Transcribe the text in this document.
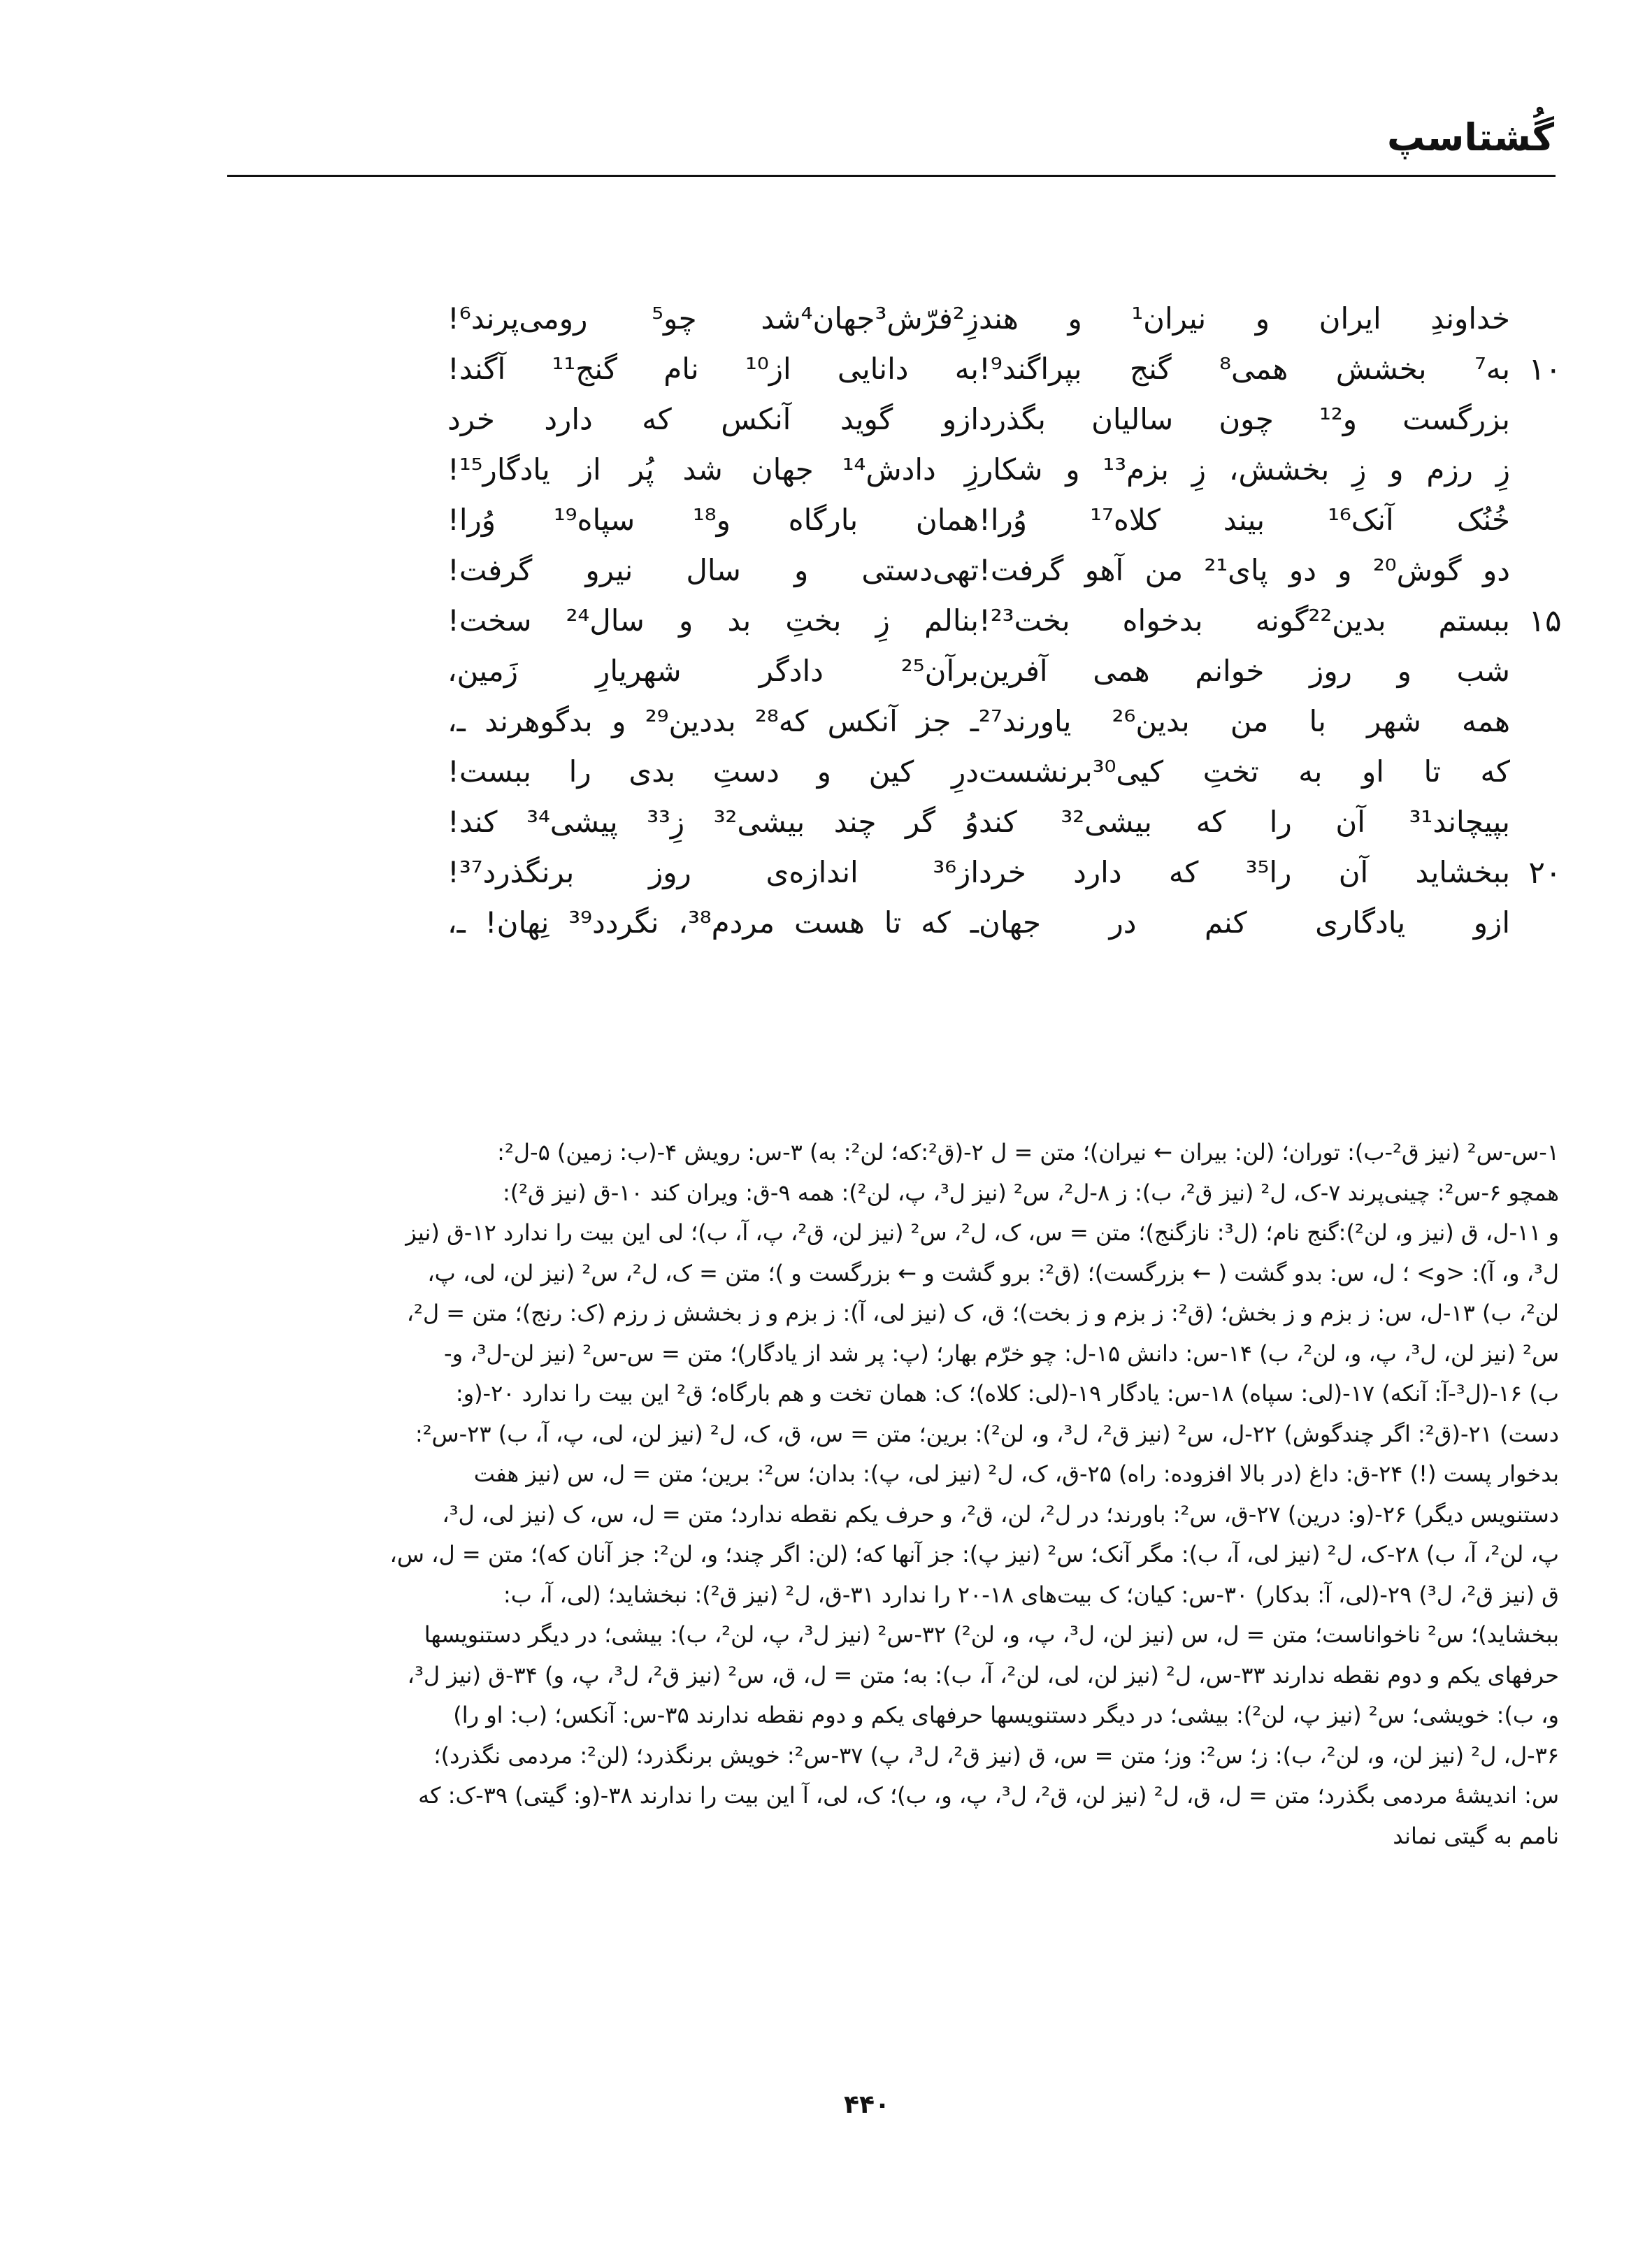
گُشتاسپ
خداوندِ ایران و نیران¹ و هند
زِ²فرّش³جهان⁴شد چو⁵ رومی‌پرند⁶!
۱۰
به⁷ بخشش همی⁸ گنج بپراگند⁹!
به دانایی از¹⁰ نام گنج¹¹ آگند!
بزرگست و¹² چون سالیان بگذرد
ازو گوید آنکس که دارد خرد
زِ رزم و زِ بخشش، زِ بزم¹³ و شکار
زِ دادش¹⁴ جهان شد پُر از یادگار¹⁵!
خُنُک آنک¹⁶ بیند کلاه¹⁷ وُرا!
همان بارگاه و¹⁸ سپاه¹⁹ وُرا!
دو گوش²⁰ و دو پای²¹ من آهو گرفت!
تهی‌دستی و سال نیرو گرفت!
۱۵
ببستم بدین²²گونه بدخواه بخت²³!
بنالم زِ بختِ بد و سال²⁴ سخت!
شب و روز خوانم همی آفرین
برآن²⁵ دادگر شهریارِ زَمین،
همه شهر با من بدین²⁶ یاورند²⁷
ـ جز آنکس که²⁸ بددین²⁹ و بدگوهرند ـ،
که تا او به تختِ کیی³⁰برنشست
درِ کین و دستِ بدی را ببست!
بپیچاند³¹ آن را که بیشی³² کند
وُ گر چند بیشی³² زِ³³ پیشی³⁴ کند!
۲۰
ببخشاید آن را³⁵ که دارد خرد
از³⁶ اندازه‌ی روز برنگذرد³⁷!
ازو یادگاری کنم در جهان
ـ که تا هست مردم³⁸، نگردد³⁹ نِهان! ـ،

۱-س-س² (نیز ق²-ب): توران؛ (لن: بیران ← نیران)؛ متن = ل ۲-(ق²:که؛ لن²: به) ۳-س: رویش ۴-(ب: زمین) ۵-ل²:

همچو ۶-س²: چینی‌پرند ۷-ک، ل² (نیز ق²، ب): ز ۸-ل²، س² (نیز ل³، پ، لن²): همه ۹-ق: ویران کند ۱۰-ق (نیز ق²):

و ۱۱-ل، ق (نیز و، لن²):گنج نام؛ (ل³: نازگنج)؛ متن = س، ک، ل²، س² (نیز لن، ق²، پ، آ، ب)؛ لی این بیت را ندارد ۱۲-ق (نیز

ل³، و، آ): <و> ؛ ل، س: بدو گشت ( ← بزرگست)؛ (ق²: برو گشت و ← بزرگست و )؛ متن = ک، ل²، س² (نیز لن، لی، پ،

لن²، ب) ۱۳-ل، س: ز بزم و ز بخش؛ (ق²: ز بزم و ز بخت)؛ ق، ک (نیز لی، آ): ز بزم و ز بخشش ز رزم (ک: رنج)؛ متن = ل²،

س² (نیز لن، ل³، پ، و، لن²، ب) ۱۴-س: دانش ۱۵-ل: چو خرّم بهار؛ (پ: پر شد از یادگار)؛ متن = س-س² (نیز لن-ل³، و-

ب) ۱۶-(ل³-آ: آنکه) ۱۷-(لی: سپاه) ۱۸-س: یادگار ۱۹-(لی: کلاه)؛ ک: همان تخت و هم بارگاه؛ ق² این بیت را ندارد ۲۰-(و:

دست) ۲۱-(ق²: اگر چندگوش) ۲۲-ل، س² (نیز ق²، ل³، و، لن²): برین؛ متن = س، ق، ک، ل² (نیز لن، لی، پ، آ، ب) ۲۳-س²:

بدخوار پست (!) ۲۴-ق: داغ (در بالا افزوده: راه) ۲۵-ق، ک، ل² (نیز لی، پ): بدان؛ س²: برین؛ متن = ل، س (نیز هفت

دستنویس دیگر) ۲۶-(و: درین) ۲۷-ق، س²: باورند؛ در ل²، لن، ق²، و حرف یکم نقطه ندارد؛ متن = ل، س، ک (نیز لی، ل³،

پ، لن²، آ، ب) ۲۸-ک، ل² (نیز لی، آ، ب): مگر آنک؛ س² (نیز پ): جز آنها که؛ (لن: اگر چند؛ و، لن²: جز آنان که)؛ متن = ل، س،

ق (نیز ق²، ل³) ۲۹-(لی، آ: بدکار) ۳۰-س: کیان؛ ک بیت‌های ۱۸-۲۰ را ندارد ۳۱-ق، ل² (نیز ق²): نبخشاید؛ (لی، آ، ب:

ببخشاید)؛ س² ناخواناست؛ متن = ل، س (نیز لن، ل³، پ، و، لن²) ۳۲-س² (نیز ل³، پ، لن²، ب): بیشی؛ در دیگر دستنویسها

حرفهای یکم و دوم نقطه ندارند ۳۳-س، ل² (نیز لن، لی، لن²، آ، ب): به؛ متن = ل، ق، س² (نیز ق²، ل³، پ، و) ۳۴-ق (نیز ل³،

و، ب): خویشی؛ س² (نیز پ، لن²): بیشی؛ در دیگر دستنویسها حرفهای یکم و دوم نقطه ندارند ۳۵-س: آنکس؛ (ب: او را)

۳۶-ل، ل² (نیز لن، و، لن²، ب): ز؛ س²: وز؛ متن = س، ق (نیز ق²، ل³، پ) ۳۷-س²: خویش برنگذرد؛ (لن²: مردمی نگذرد)؛

س: اندیشهٔ مردمی بگذرد؛ متن = ل، ق، ل² (نیز لن، ق²، ل³، پ، و، ب)؛ ک، لی، آ این بیت را ندارند ۳۸-(و: گیتی) ۳۹-ک: که

نامم به گیتی نماند

۴۴۰
